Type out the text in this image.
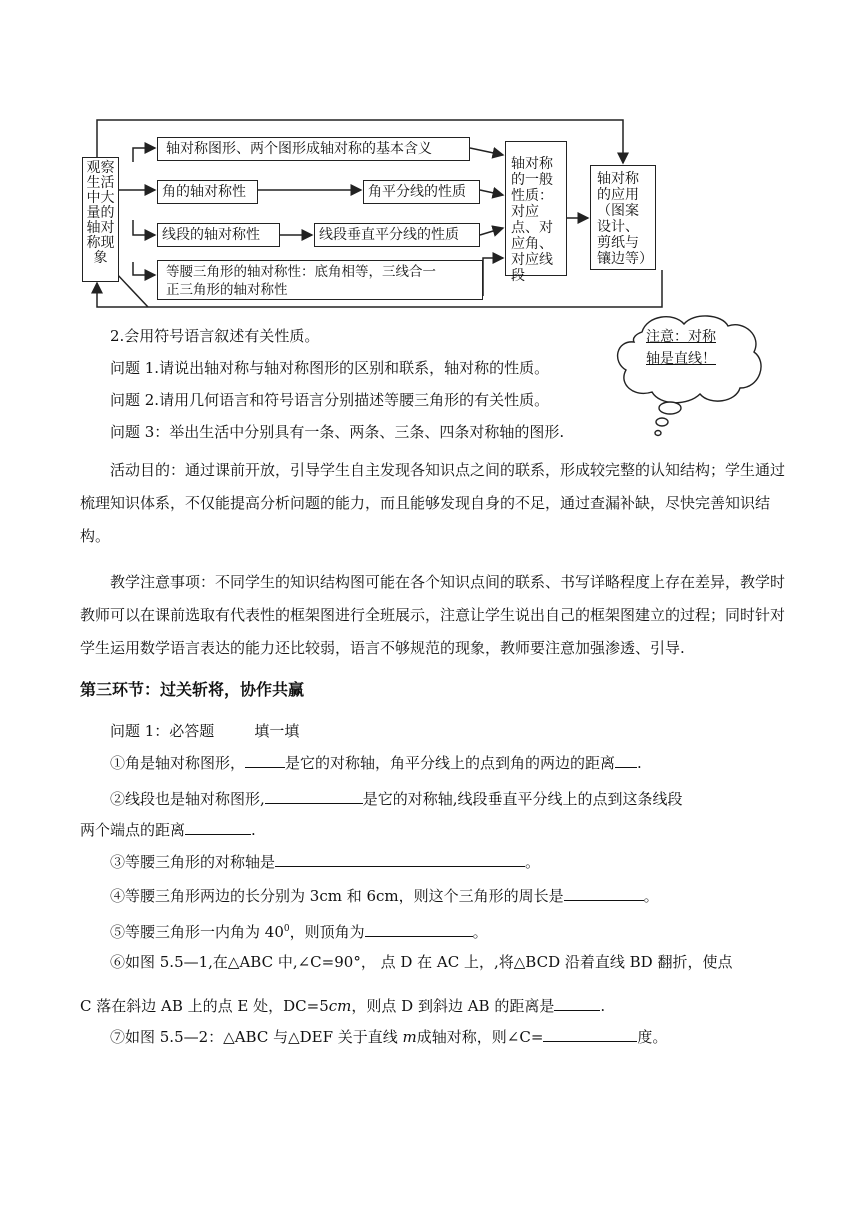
观察生活中大量的轴对称现象
轴对称图形、两个图形成轴对称的基本含义
角的轴对称性	角平分线的性质
线段的轴对称性	线段垂直平分线的性质
等腰三角形的轴对称性：底角相等，三线合一
正三角形的轴对称性
轴对称的一般性质：对应点、对应角、对应线段
轴对称的应用（图案设计、剪纸与镶边等）
注意：对称
轴是直线！
2.会用符号语言叙述有关性质。
问题 1.请说出轴对称与轴对称图形的区别和联系，轴对称的性质。
问题 2.请用几何语言和符号语言分别描述等腰三角形的有关性质。
问题 3：举出生活中分别具有一条、两条、三条、四条对称轴的图形.
活动目的：通过课前开放，引导学生自主发现各知识点之间的联系，形成较完整的认知结构；学生通过梳理知识体系，不仅能提高分析问题的能力，而且能够发现自身的不足，通过查漏补缺，尽快完善知识结构。
教学注意事项：不同学生的知识结构图可能在各个知识点间的联系、书写详略程度上存在差异，教学时教师可以在课前选取有代表性的框架图进行全班展示，注意让学生说出自己的框架图建立的过程；同时针对学生运用数学语言表达的能力还比较弱，语言不够规范的现象，教师要注意加强渗透、引导.
第三环节：过关斩将，协作共赢
问题 1：必答题	填一填
①角是轴对称图形，	是它的对称轴，角平分线上的点到角的两边的距离 .
②线段也是轴对称图形,	是它的对称轴,线段垂直平分线上的点到这条线段
两个端点的距离	.
③等腰三角形的对称轴是	。
④等腰三角形两边的长分别为 3cm 和 6cm，则这个三角形的周长是	。
⑤等腰三角形一内角为 $40^0$，则顶角为	。
⑥如图 5.5—1,在△ABC 中,∠C=90°， 点 D 在 AC 上，,将△BCD 沿着直线 BD 翻折，使点
C 落在斜边 AB 上的点 E 处，DC=5cm，则点 D 到斜边 AB 的距离是	.
⑦如图 5.5—2：△ABC 与△DEF 关于直线 m成轴对称，则∠C=	度。
